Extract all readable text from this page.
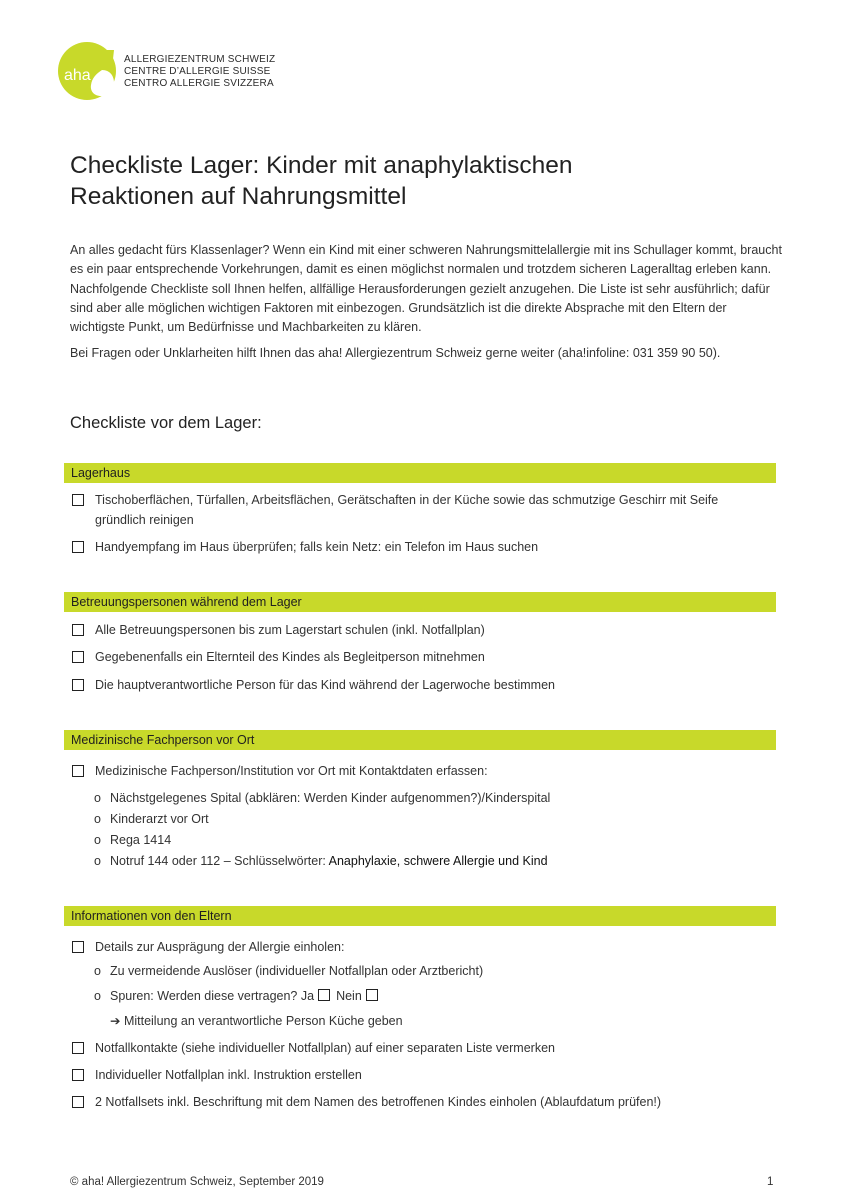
aha
ALLERGIEZENTRUM SCHWEIZ
CENTRE D’ALLERGIE SUISSE
CENTRO ALLERGIE SVIZZERA
Checkliste Lager: Kinder mit anaphylaktischen
Reaktionen auf Nahrungsmittel

An alles gedacht fürs Klassenlager? Wenn ein Kind mit einer schweren Nahrungsmittelallergie mit ins Schullager kommt, braucht es ein paar entsprechende Vorkehrungen, damit es einen möglichst normalen und trotzdem sicheren Lageralltag erleben kann. Nachfolgende Checkliste soll Ihnen helfen, allfällige Herausforderungen gezielt anzugehen. Die Liste ist sehr ausführlich; dafür sind aber alle möglichen wichtigen Faktoren mit einbezogen. Grundsätzlich ist die direkte Absprache mit den Eltern der wichtigste Punkt, um Bedürfnisse und Machbarkeiten zu klären.

Bei Fragen oder Unklarheiten hilft Ihnen das aha! Allergiezentrum Schweiz gerne weiter (aha!infoline: 031 359 90 50).

Checkliste vor dem Lager:
Lagerhaus
Tischoberflächen, Türfallen, Arbeitsflächen, Gerätschaften in der Küche sowie das schmutzige Geschirr mit Seife gründlich reinigen
Handyempfang im Haus überprüfen; falls kein Netz: ein Telefon im Haus suchen
Betreuungspersonen während dem Lager
Alle Betreuungspersonen bis zum Lagerstart schulen (inkl. Notfallplan)
Gegebenenfalls ein Elternteil des Kindes als Begleitperson mitnehmen
Die hauptverantwortliche Person für das Kind während der Lagerwoche bestimmen
Medizinische Fachperson vor Ort
Medizinische Fachperson/Institution vor Ort mit Kontaktdaten erfassen:
o Nächstgelegenes Spital (abklären: Werden Kinder aufgenommen?)/Kinderspital
o Kinderarzt vor Ort
o Rega 1414
o Notruf 144 oder 112 – Schlüsselwörter: Anaphylaxie, schwere Allergie und Kind
Informationen von den Eltern
Details zur Ausprägung der Allergie einholen:
o Zu vermeidende Auslöser (individueller Notfallplan oder Arztbericht)
o Spuren: Werden diese vertragen? Ja Nein
➔ Mitteilung an verantwortliche Person Küche geben
Notfallkontakte (siehe individueller Notfallplan) auf einer separaten Liste vermerken
Individueller Notfallplan inkl. Instruktion erstellen
2 Notfallsets inkl. Beschriftung mit dem Namen des betroffenen Kindes einholen (Ablaufdatum prüfen!)
© aha! Allergiezentrum Schweiz, September 2019	1
